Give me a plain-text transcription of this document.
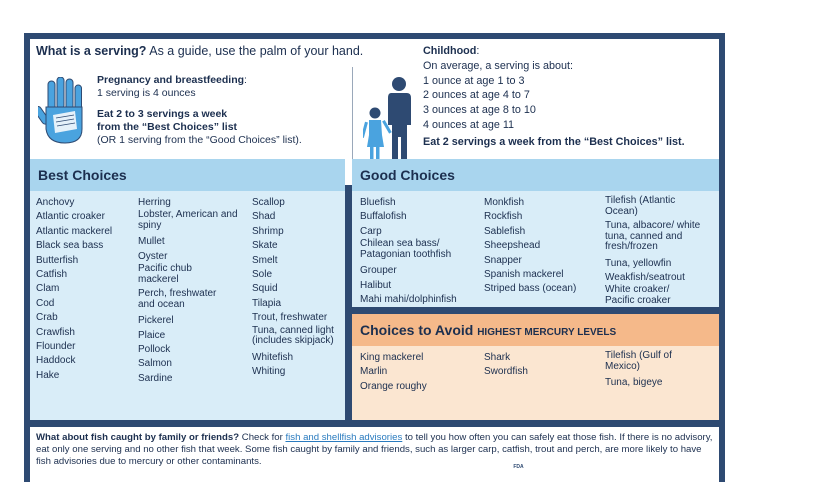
What is a serving? As a guide, use the palm of your hand.
Pregnancy and breastfeeding:
1 serving is 4 ounces
Eat 2 to 3 servings a week
from the “Best Choices” list
(OR 1 serving from the “Good Choices” list).
Childhood:
On average, a serving is about:
1 ounce at age 1 to 3
2 ounces at age 4 to 7
3 ounces at age 8 to 10
4 ounces at age 11
Eat 2 servings a week from the “Best Choices” list.
Best Choices
Anchovy
Atlantic croaker
Atlantic mackerel
Black sea bass
Butterfish
Catfish
Clam
Cod
Crab
Crawfish
Flounder
Haddock
Hake
Herring
Lobster, American and spiny
Mullet
Oyster
Pacific chub mackerel
Perch, freshwater and ocean
Pickerel
Plaice
Pollock
Salmon
Sardine
Scallop
Shad
Shrimp
Skate
Smelt
Sole
Squid
Tilapia
Trout, freshwater
Tuna, canned light (includes skipjack)
Whitefish
Whiting
Good Choices
Bluefish
Buffalofish
Carp
Chilean sea bass/ Patagonian toothfish
Grouper
Halibut
Mahi mahi/dolphinfish
Monkfish
Rockfish
Sablefish
Sheepshead
Snapper
Spanish mackerel
Striped bass (ocean)
Tilefish (Atlantic Ocean)
Tuna, albacore/ white tuna, canned and fresh/frozen
Tuna, yellowfin
Weakfish/seatrout
White croaker/ Pacific croaker
Choices to Avoid HIGHEST MERCURY LEVELS
King mackerel
Marlin
Orange roughy
Shark
Swordfish
Tilefish (Gulf of Mexico)
Tuna, bigeye

What about fish caught by family or friends? Check for fish and shellfish advisories to tell you how often you can safely eat those fish. If there is no advisory, eat only one serving and no other fish that week. Some fish caught by family and friends, such as larger carp, catfish, trout and perch, are more likely to have fish advisories due to mercury or other contaminants.	www.FDA.gov/fishadvice
www.EPA.gov/fishadvice
FDA U.S. FOOD & DRUG
ADMINISTRATION ✦EPA United States
Environmental Protection
Agency
